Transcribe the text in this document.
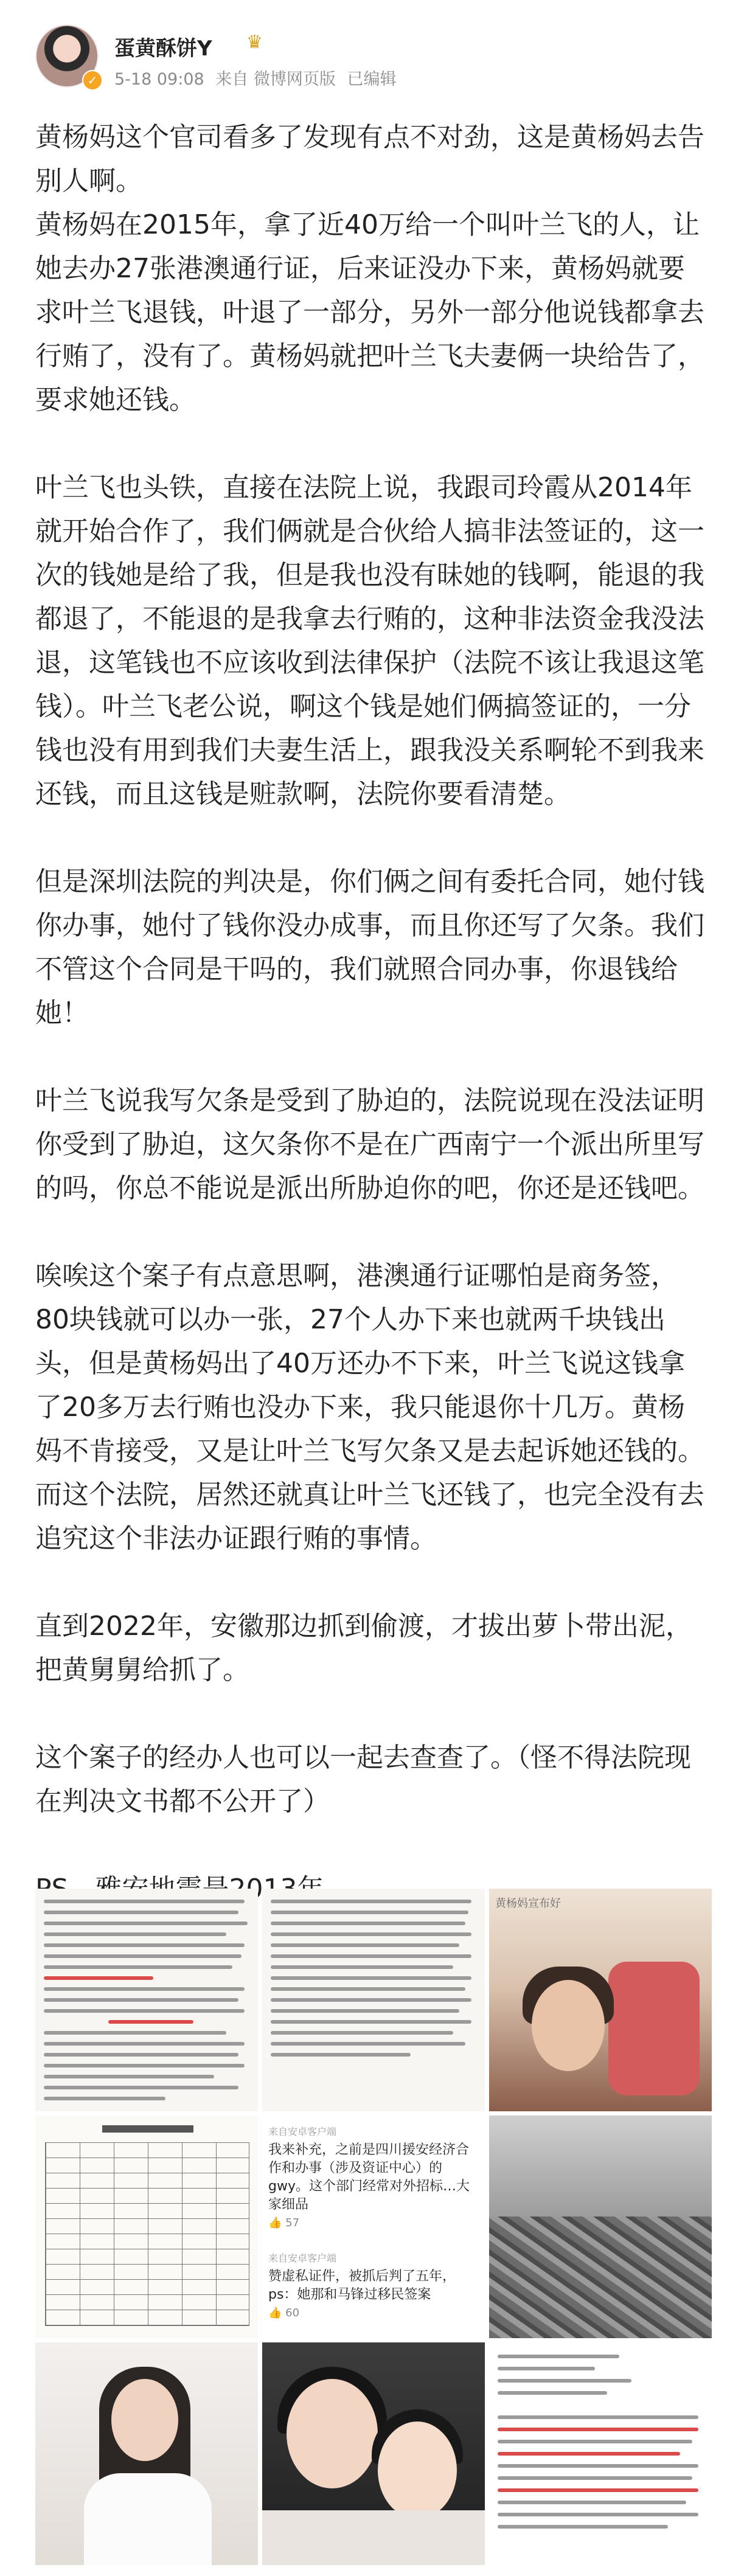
✓
蛋黄酥饼Y ♛
5-18 09:08 来自 微博网页版 已编辑

黄杨妈这个官司看多了发现有点不对劲，这是黄杨妈去告别人啊。
黄杨妈在2015年，拿了近40万给一个叫叶兰飞的人，让她去办27张港澳通行证，后来证没办下来，黄杨妈就要求叶兰飞退钱，叶退了一部分，另外一部分他说钱都拿去行贿了，没有了。黄杨妈就把叶兰飞夫妻俩一块给告了，要求她还钱。

叶兰飞也头铁，直接在法院上说，我跟司玲霞从2014年就开始合作了，我们俩就是合伙给人搞非法签证的，这一次的钱她是给了我，但是我也没有昧她的钱啊，能退的我都退了，不能退的是我拿去行贿的，这种非法资金我没法退，这笔钱也不应该收到法律保护（法院不该让我退这笔钱）。叶兰飞老公说，啊这个钱是她们俩搞签证的，一分钱也没有用到我们夫妻生活上，跟我没关系啊轮不到我来还钱，而且这钱是赃款啊，法院你要看清楚。

但是深圳法院的判决是，你们俩之间有委托合同，她付钱你办事，她付了钱你没办成事，而且你还写了欠条。我们不管这个合同是干吗的，我们就照合同办事，你退钱给她！

叶兰飞说我写欠条是受到了胁迫的，法院说现在没法证明你受到了胁迫，这欠条你不是在广西南宁一个派出所里写的吗，你总不能说是派出所胁迫你的吧，你还是还钱吧。

唉唉这个案子有点意思啊，港澳通行证哪怕是商务签，80块钱就可以办一张，27个人办下来也就两千块钱出头，但是黄杨妈出了40万还办不下来，叶兰飞说这钱拿了20多万去行贿也没办下来，我只能退你十几万。黄杨妈不肯接受，又是让叶兰飞写欠条又是去起诉她还钱的。而这个法院，居然还就真让叶兰飞还钱了，也完全没有去追究这个非法办证跟行贿的事情。

直到2022年，安徽那边抓到偷渡，才拔出萝卜带出泥，把黄舅舅给抓了。

这个案子的经办人也可以一起去查查了。（怪不得法院现在判决文书都不公开了）

黄杨妈宣布好
来自安卓客户端
我来补充，之前是四川援安经济合作和办事（涉及资证中心）的gwy。这个部门经常对外招标…大家细品
👍 57
来自安卓客户端
赞虚私证件，被抓后判了五年，ps：她那和马锋过移民签案
👍 60
微博@小毁汪汪
